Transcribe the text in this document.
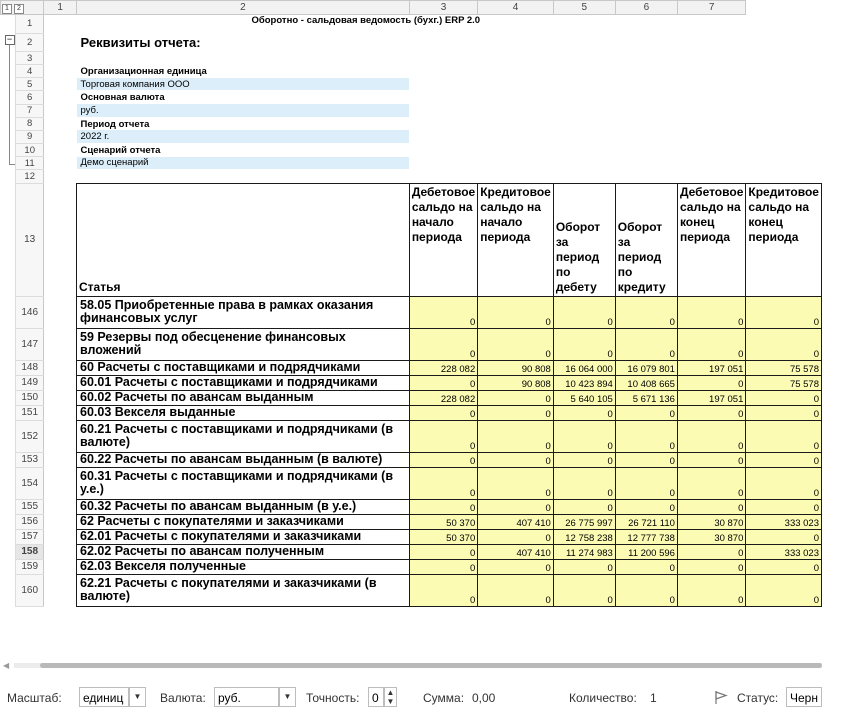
1 2		1	2	3	4	5	6	7	
	1		Оборотно - сальдовая ведомость (бухг.) ERP 2.0						

−	2		Реквизиты отчета:						
	3								
	4		Организационная единица						
	5		Торговая компания ООО						
	6		Основная валюта						
	7		руб.						
	8		Период отчета						
	9		2022 г.						
	10		Сценарий отчета						
	11		Демо сценарий						
	12								
	13		Статья	Дебетовое сальдо на начало периода	Кредитовое сальдо на начало периода	Оборот за период по дебету	Оборот за период по кредиту	Дебетовое сальдо на конец периода	Кредитовое сальдо на конец периода
	146		58.05 Приобретенные права в рамках оказания финансовых услуг	0	0	0	0	0	0
	147		59 Резервы под обесценение финансовых вложений	0	0	0	0	0	0
	148		60 Расчеты с поставщиками и подрядчиками	228 082	90 808	16 064 000	16 079 801	197 051	75 578
	149		60.01 Расчеты с поставщиками и подрядчиками	0	90 808	10 423 894	10 408 665	0	75 578
	150		60.02 Расчеты по авансам выданным	228 082	0	5 640 105	5 671 136	197 051	0
	151		60.03 Векселя выданные	0	0	0	0	0	0
	152		60.21 Расчеты с поставщиками и подрядчиками (в валюте)	0	0	0	0	0	0
	153		60.22 Расчеты по авансам выданным (в валюте)	0	0	0	0	0	0
	154		60.31 Расчеты с поставщиками и подрядчиками (в у.е.)	0	0	0	0	0	0
	155		60.32 Расчеты по авансам выданным (в у.е.)	0	0	0	0	0	0
	156		62 Расчеты с покупателями и заказчиками	50 370	407 410	26 775 997	26 721 110	30 870	333 023
	157		62.01 Расчеты с покупателями и заказчиками	50 370	0	12 758 238	12 777 738	30 870	0
	158		62.02 Расчеты по авансам полученным	0	407 410	11 274 983	11 200 596	0	333 023
	159		62.03 Векселя полученные	0	0	0	0	0	0
	160		62.21 Расчеты с покупателями и заказчиками (в валюте)	0	0	0	0	0	0
◀
Масштаб:	единиц	▼	Валюта:	руб.	▼	Точность:	0 ▲
▼ Сумма: 0,00	Количество: 1	Статус: Черн
